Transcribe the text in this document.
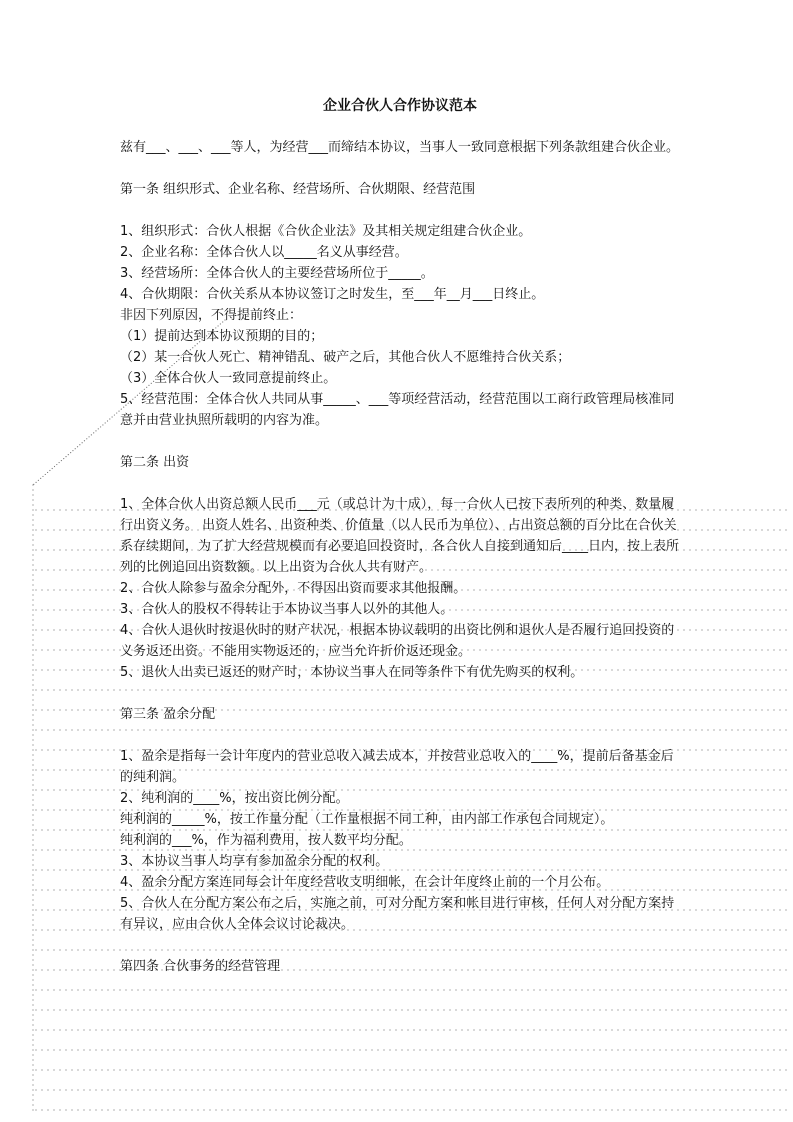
企业合伙人合作协议范本

兹有___、___、___等人，为经营___而缔结本协议，当事人一致同意根据下列条款组建合伙企业。

第一条 组织形式、企业名称、经营场所、合伙期限、经营范围

1、组织形式：合伙人根据《合伙企业法》及其相关规定组建合伙企业。

2、企业名称：全体合伙人以_____名义从事经营。

3、经营场所：全体合伙人的主要经营场所位于_____。

4、合伙期限：合伙关系从本协议签订之时发生，至___年__月___日终止。

非因下列原因，不得提前终止：

（1）提前达到本协议预期的目的；

（2）某一合伙人死亡、精神错乱、破产之后，其他合伙人不愿维持合伙关系；

（3）全体合伙人一致同意提前终止。

5、经营范围：全体合伙人共同从事_____、___等项经营活动，经营范围以工商行政管理局核准同意并由营业执照所载明的内容为准。

第二条 出资

1、全体合伙人出资总额人民币___元（或总计为十成），每一合伙人已按下表所列的种类、数量履行出资义务。 出资人姓名、出资种类、价值量（以人民币为单位）、占出资总额的百分比在合伙关系存续期间，为了扩大经营规模而有必要追回投资时，各合伙人自接到通知后____日内，按上表所列的比例追回出资数额。以上出资为合伙人共有财产。

2、合伙人除参与盈余分配外，不得因出资而要求其他报酬。

3、合伙人的股权不得转让于本协议当事人以外的其他人。

4、合伙人退伙时按退伙时的财产状况，根据本协议载明的出资比例和退伙人是否履行追回投资的义务返还出资。不能用实物返还的，应当允许折价返还现金。

5、退伙人出卖已返还的财产时，本协议当事人在同等条件下有优先购买的权利。

第三条 盈余分配

1、盈余是指每一会计年度内的营业总收入减去成本，并按营业总收入的____%，提前后备基金后的纯利润。

2、纯利润的____%，按出资比例分配。

纯利润的_____%，按工作量分配（工作量根据不同工种，由内部工作承包合同规定）。

纯利润的___%，作为福利费用，按人数平均分配。

3、本协议当事人均享有参加盈余分配的权利。

4、盈余分配方案连同每会计年度经营收支明细帐，在会计年度终止前的一个月公布。

5、合伙人在分配方案公布之后，实施之前，可对分配方案和帐目进行审核，任何人对分配方案持有异议，应由合伙人全体会议讨论裁决。

第四条 合伙事务的经营管理
